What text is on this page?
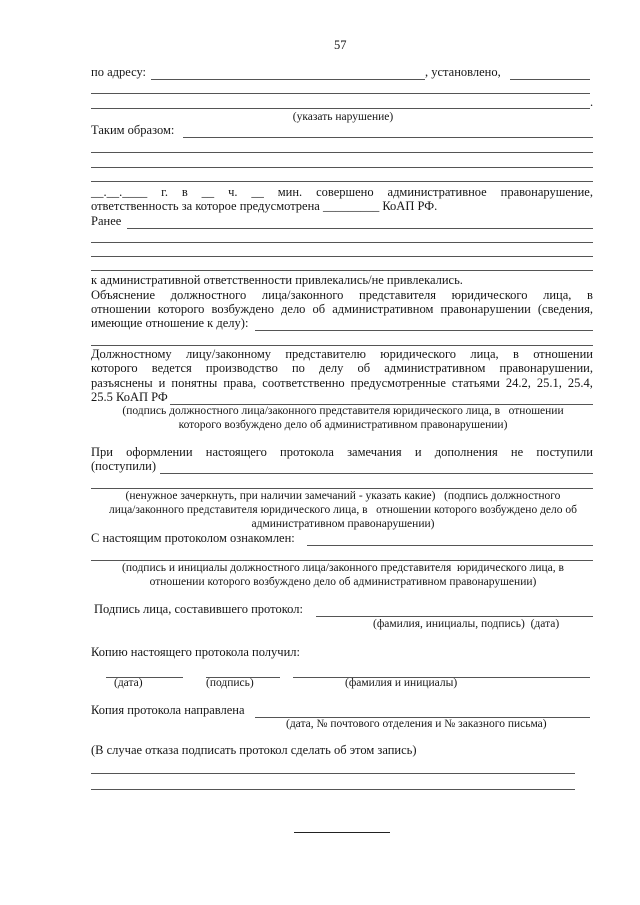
57
по адресу:	, установлено,
.
(указать нарушение)
Таким образом:
__.__.____ г. в __ ч. __ мин. совершено административное правонарушение,
ответственность за которое предусмотрена _________ КоАП РФ.
Ранее
к административной ответственности привлекались/не привлекались.
Объяснение должностного лица/законного представителя юридического лица, в
отношении которого возбуждено дело об административном правонарушении (сведения,
имеющие отношение к делу):
Должностному лицу/законному представителю юридического лица, в отношении
которого ведется производство по делу об административном правонарушении,
разъяснены и понятны права, соответственно предусмотренные статьями 24.2, 25.1, 25.4,
25.5 КоАП РФ
(подпись должностного лица/законного представителя юридического лица, в   отношении
которого возбуждено дело об административном правонарушении)
При оформлении настоящего протокола замечания и дополнения не поступили
(поступили)
(ненужное зачеркнуть, при наличии замечаний - указать какие)   (подпись должностного
лица/законного представителя юридического лица, в   отношении которого возбуждено дело об
административном правонарушении)
С настоящим протоколом ознакомлен:
(подпись и инициалы должностного лица/законного представителя  юридического лица, в
отношении которого возбуждено дело об административном правонарушении)
Подпись лица, составившего протокол:
(фамилия, инициалы, подпись)  (дата)
Копию настоящего протокола получил:
(дата)	(подпись)	(фамилия и инициалы)
Копия протокола направлена
(дата, № почтового отделения и № заказного письма)
(В случае отказа подписать протокол сделать об этом запись)
